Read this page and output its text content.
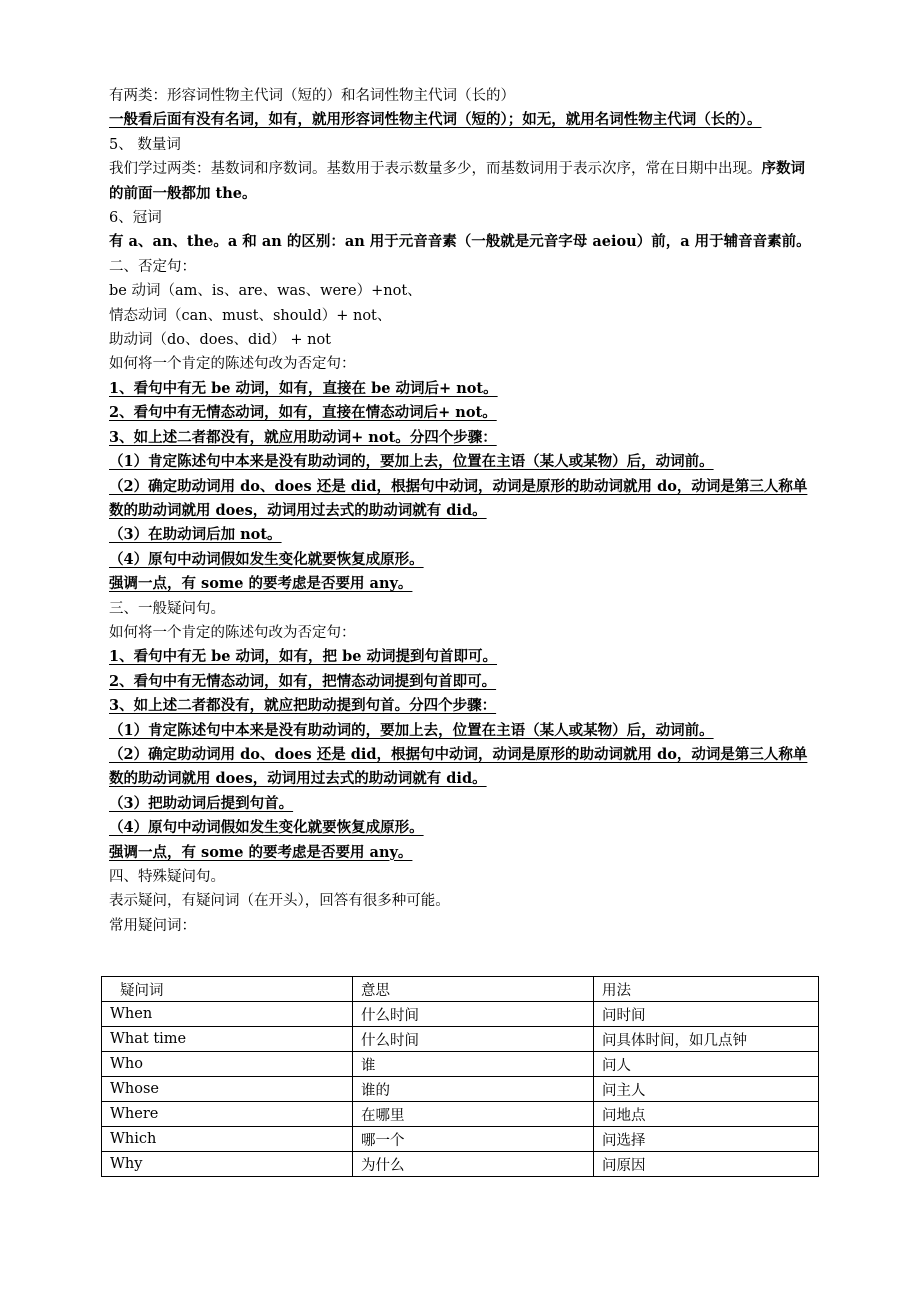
有两类：形容词性物主代词（短的）和名词性物主代词（长的）
一般看后面有没有名词，如有，就用形容词性物主代词（短的）；如无，就用名词性物主代词（长的）。
5、 数量词
我们学过两类：基数词和序数词。基数用于表示数量多少，而基数词用于表示次序，常在日期中出现。序数词的前面一般都加 the。
6、冠词
有 a、an、the。a 和 an 的区别：an 用于元音音素（一般就是元音字母 aeiou）前，a 用于辅音音素前。
二、否定句：
be 动词（am、is、are、was、were）+not、
情态动词（can、must、should）+ not、
助动词（do、does、did） + not
如何将一个肯定的陈述句改为否定句：
1、看句中有无 be 动词，如有，直接在 be 动词后+ not。
2、看句中有无情态动词，如有，直接在情态动词后+ not。
3、如上述二者都没有，就应用助动词+ not。分四个步骤：
（1）肯定陈述句中本来是没有助动词的，要加上去，位置在主语（某人或某物）后，动词前。
（2）确定助动词用 do、does 还是 did，根据句中动词，动词是原形的助动词就用 do，动词是第三人称单数的助动词就用 does，动词用过去式的助动词就有 did。
（3）在助动词后加 not。
（4）原句中动词假如发生变化就要恢复成原形。
强调一点，有 some 的要考虑是否要用 any。
三、一般疑问句。
如何将一个肯定的陈述句改为否定句：
1、看句中有无 be 动词，如有，把 be 动词提到句首即可。
2、看句中有无情态动词，如有，把情态动词提到句首即可。
3、如上述二者都没有，就应把助动提到句首。分四个步骤：
（1）肯定陈述句中本来是没有助动词的，要加上去，位置在主语（某人或某物）后，动词前。
（2）确定助动词用 do、does 还是 did，根据句中动词，动词是原形的助动词就用 do，动词是第三人称单数的助动词就用 does，动词用过去式的助动词就有 did。
（3）把助动词后提到句首。
（4）原句中动词假如发生变化就要恢复成原形。
强调一点，有 some 的要考虑是否要用 any。
四、特殊疑问句。
表示疑问，有疑问词（在开头），回答有很多种可能。
常用疑问词：
疑问词	意思	用法
When	什么时间	问时间
What time	什么时间	问具体时间，如几点钟
Who	谁	问人
Whose	谁的	问主人
Where	在哪里	问地点
Which	哪一个	问选择
Why	为什么	问原因
